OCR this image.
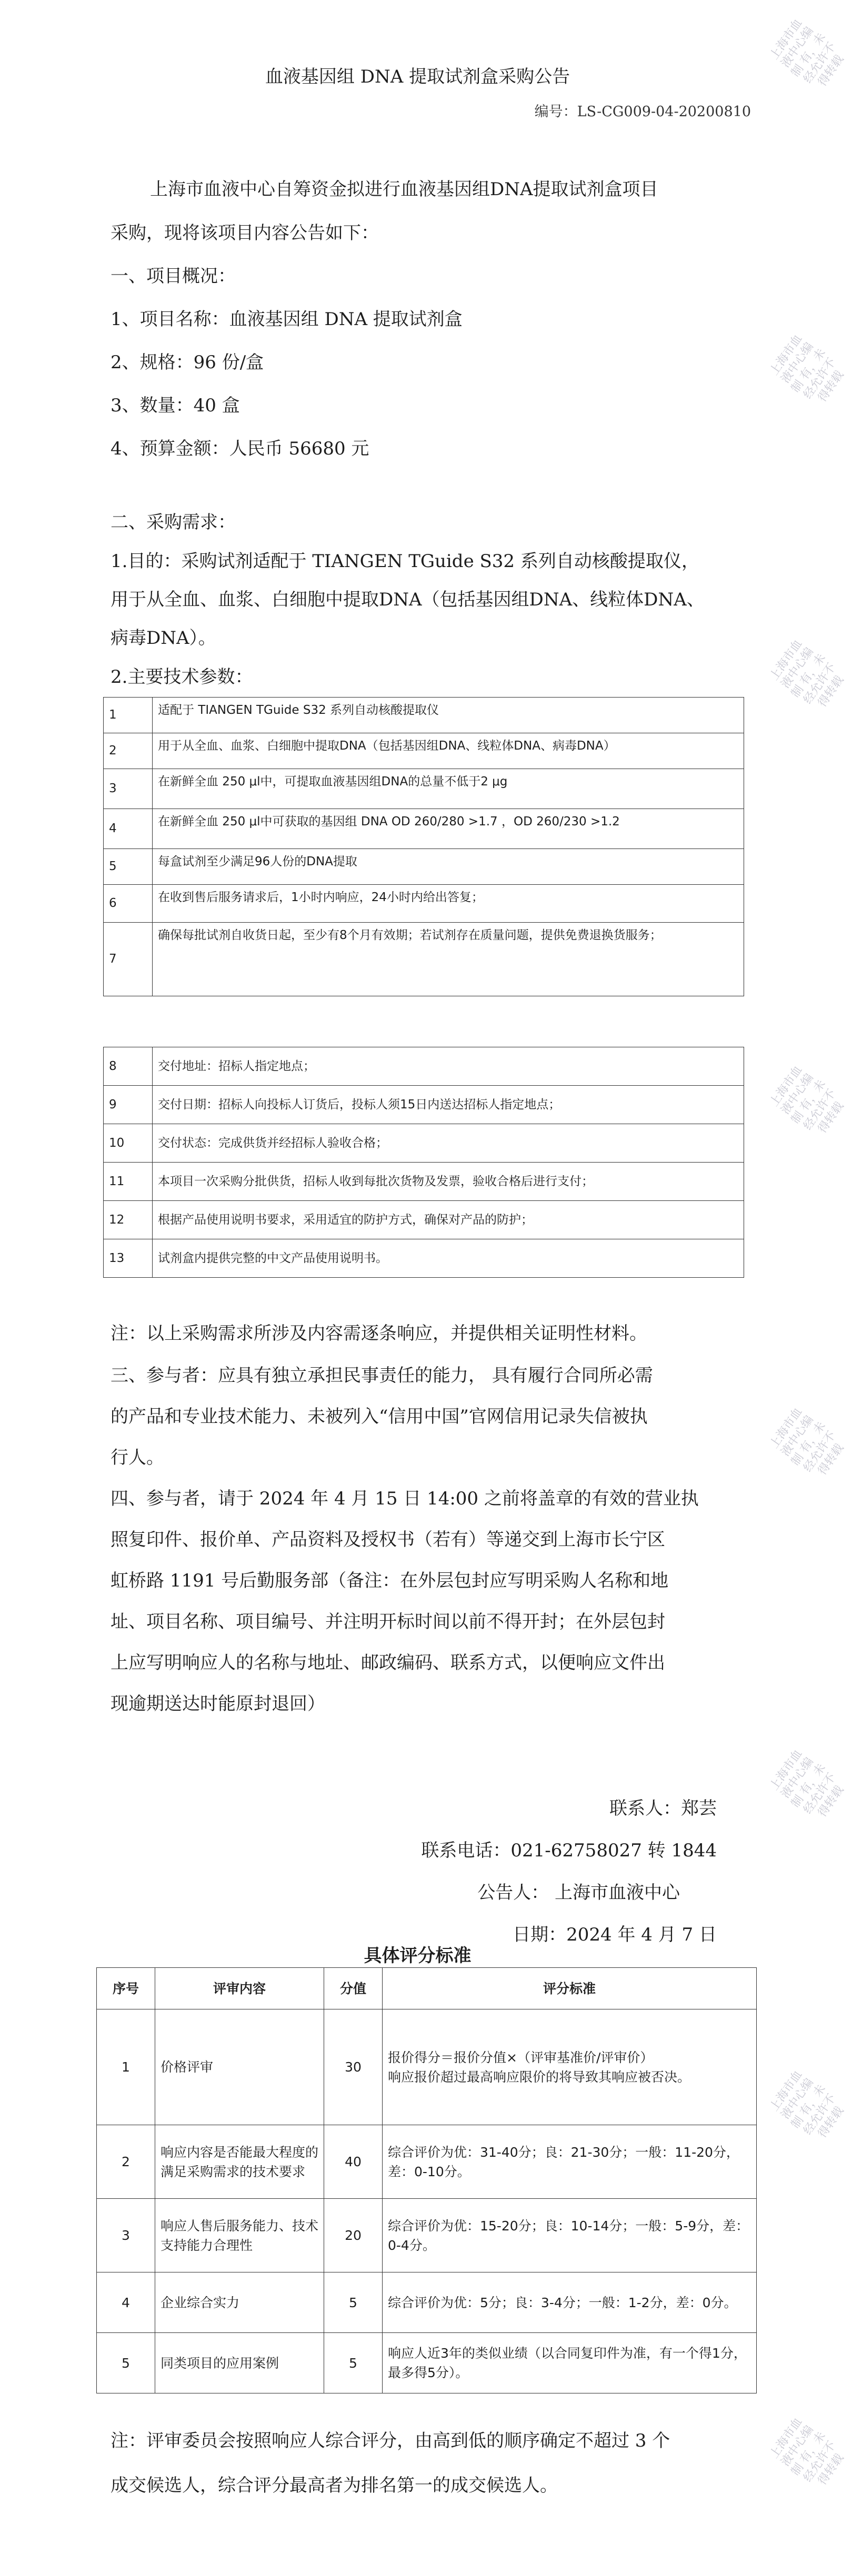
上海市血液中心编制 有，未经允许不得转载
上海市血液中心编制 有，未经允许不得转载
上海市血液中心编制 有，未经允许不得转载
上海市血液中心编制 有，未经允许不得转载
上海市血液中心编制 有，未经允许不得转载
上海市血液中心编制 有，未经允许不得转载
上海市血液中心编制 有，未经允许不得转载
上海市血液中心编制 有，未经允许不得转载
血液基因组 DNA 提取试剂盒采购公告
编号：LS-CG009-04-20200810
上海市血液中心自筹资金拟进行血液基因组DNA提取试剂盒项目
采购，现将该项目内容公告如下：
一、项目概况：
1、项目名称：血液基因组 DNA 提取试剂盒
2、规格：96 份/盒
3、数量：40 盒
4、预算金额：人民币 56680 元
二、采购需求：
1.目的：采购试剂适配于 TIANGEN TGuide S32 系列自动核酸提取仪，
用于从全血、血浆、白细胞中提取DNA（包括基因组DNA、线粒体DNA、
病毒DNA）。
2.主要技术参数：
1	适配于 TIANGEN TGuide S32 系列自动核酸提取仪
2	用于从全血、血浆、白细胞中提取DNA（包括基因组DNA、线粒体DNA、病毒DNA）
3	在新鲜全血 250 μl中，可提取血液基因组DNA的总量不低于2 μg
4	在新鲜全血 250 μl中可获取的基因组 DNA OD 260/280 >1.7 ，OD 260/230 >1.2
5	每盒试剂至少满足96人份的DNA提取
6	在收到售后服务请求后，1小时内响应，24小时内给出答复；
7	确保每批试剂自收货日起，至少有8个月有效期；若试剂存在质量问题，提供免费退换货服务；
8	交付地址：招标人指定地点；
9	交付日期：招标人向投标人订货后，投标人须15日内送达招标人指定地点；
10	交付状态：完成供货并经招标人验收合格；
11	本项目一次采购分批供货，招标人收到每批次货物及发票，验收合格后进行支付；
12	根据产品使用说明书要求，采用适宜的防护方式，确保对产品的防护；
13	试剂盒内提供完整的中文产品使用说明书。
注：以上采购需求所涉及内容需逐条响应，并提供相关证明性材料。
三、参与者：应具有独立承担民事责任的能力， 具有履行合同所必需
的产品和专业技术能力、未被列入“信用中国”官网信用记录失信被执
行人。
四、参与者，请于 2024 年 4 月 15 日 14:00 之前将盖章的有效的营业执
照复印件、报价单、产品资料及授权书（若有）等递交到上海市长宁区
虹桥路 1191 号后勤服务部（备注：在外层包封应写明采购人名称和地
址、项目名称、项目编号、并注明开标时间以前不得开封；在外层包封
上应写明响应人的名称与地址、邮政编码、联系方式，以便响应文件出
现逾期送达时能原封退回）
联系人：郑芸
联系电话：021-62758027 转 1844
公告人： 上海市血液中心
日期：2024 年 4 月 7 日
具体评分标准
序号	评审内容	分值	评分标准
1	价格评审	30	报价得分＝报价分值×（评审基准价/评审价）
响应报价超过最高响应限价的将导致其响应被否决。
2	响应内容是否能最大程度的满足采购需求的技术要求	40	综合评价为优：31-40分；良：21-30分；一般：11-20分，差：0-10分。
3	响应人售后服务能力、技术支持能力合理性	20	综合评价为优：15-20分；良：10-14分；一般：5-9分，差：0-4分。
4	企业综合实力	5	综合评价为优：5分；良：3-4分；一般：1-2分，差：0分。
5	同类项目的应用案例	5	响应人近3年的类似业绩（以合同复印件为准，有一个得1分，最多得5分）。
注：评审委员会按照响应人综合评分，由高到低的顺序确定不超过 3 个
成交候选人，综合评分最高者为排名第一的成交候选人。
